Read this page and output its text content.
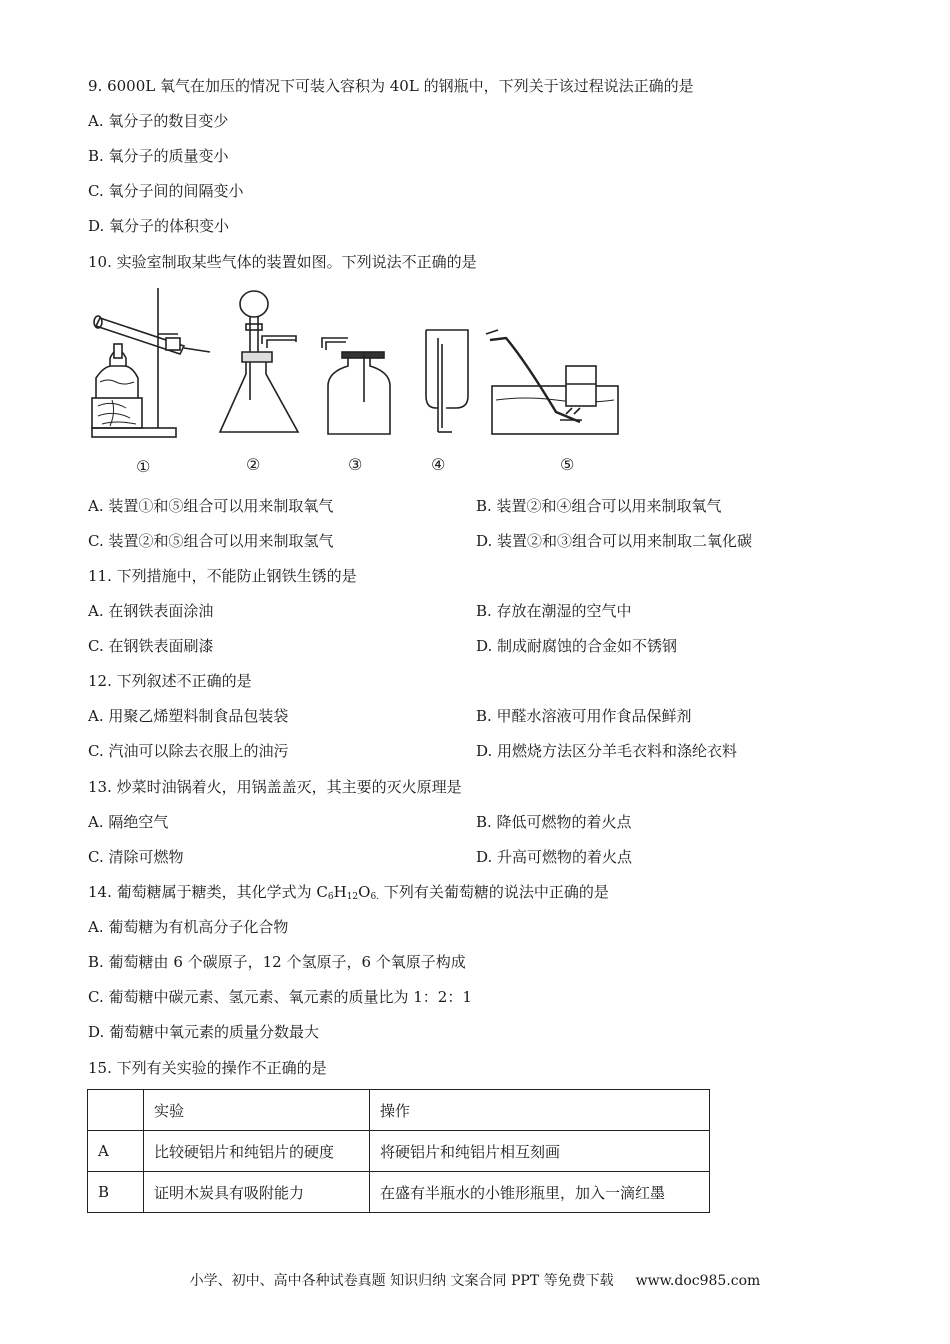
9. 6000L 氧气在加压的情况下可装入容积为 40L 的钢瓶中，下列关于该过程说法正确的是
A. 氧分子的数目变少
B. 氧分子的质量变小
C. 氧分子间的间隔变小
D. 氧分子的体积变小
10. 实验室制取某些气体的装置如图。下列说法不正确的是
①	②	③	④	⑤
A. 装置①和⑤组合可以用来制取氧气	B. 装置②和④组合可以用来制取氧气
C. 装置②和⑤组合可以用来制取氢气	D. 装置②和③组合可以用来制取二氧化碳
11. 下列措施中，不能防止钢铁生锈的是
A. 在钢铁表面涂油	B. 存放在潮湿的空气中
C. 在钢铁表面刷漆	D. 制成耐腐蚀的合金如不锈钢
12. 下列叙述不正确的是
A. 用聚乙烯塑料制食品包装袋	B. 甲醛水溶液可用作食品保鲜剂
C. 汽油可以除去衣服上的油污	D. 用燃烧方法区分羊毛衣料和涤纶衣料
13. 炒菜时油锅着火，用锅盖盖灭，其主要的灭火原理是
A. 隔绝空气	B. 降低可燃物的着火点
C. 清除可燃物	D. 升高可燃物的着火点
14. 葡萄糖属于糖类，其化学式为 $C_6H_{12}O_{6.}$ 下列有关葡萄糖的说法中正确的是
A. 葡萄糖为有机高分子化合物
B. 葡萄糖由 6 个碳原子，12 个氢原子，6 个氧原子构成
C. 葡萄糖中碳元素、氢元素、氧元素的质量比为 1：2：1
D. 葡萄糖中氧元素的质量分数最大
15. 下列有关实验的操作不正确的是
	实验	操作
A	比较硬铝片和纯铝片的硬度	将硬铝片和纯铝片相互刻画
B	证明木炭具有吸附能力	在盛有半瓶水的小锥形瓶里，加入一滴红墨
小学、初中、高中各种试卷真题 知识归纳 文案合同 PPT 等免费下载 www.doc985.com
